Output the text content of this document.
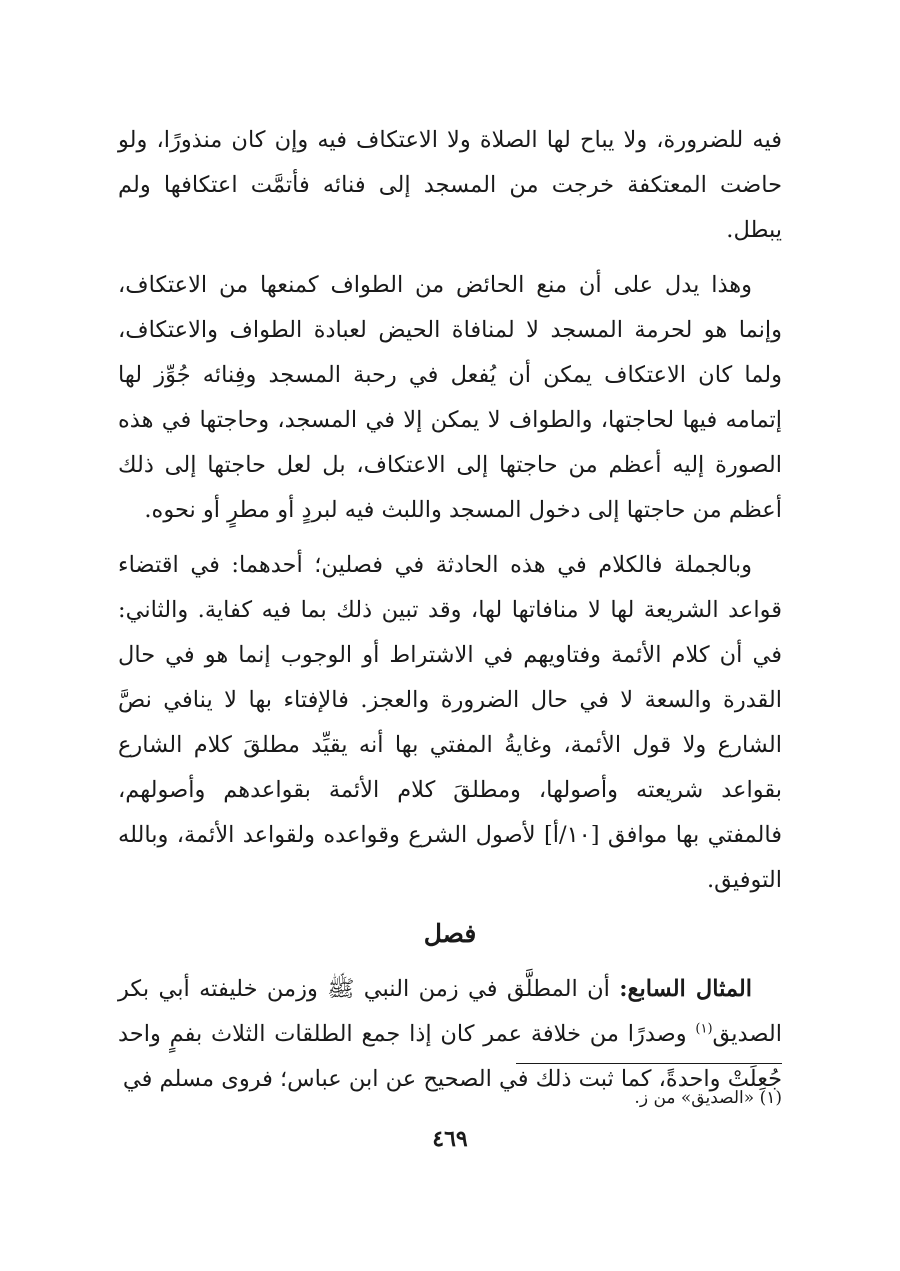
فيه للضرورة، ولا يباح لها الصلاة ولا الاعتكاف فيه وإن كان منذورًا، ولو حاضت المعتكفة خرجت من المسجد إلى فنائه فأتمَّت اعتكافها ولم يبطل.

وهذا يدل على أن منع الحائض من الطواف كمنعها من الاعتكاف، وإنما هو لحرمة المسجد لا لمنافاة الحيض لعبادة الطواف والاعتكاف، ولما كان الاعتكاف يمكن أن يُفعل في رحبة المسجد وفِنائه جُوِّز لها إتمامه فيها لحاجتها، والطواف لا يمكن إلا في المسجد، وحاجتها في هذه الصورة إليه أعظم من حاجتها إلى الاعتكاف، بل لعل حاجتها إلى ذلك أعظم من حاجتها إلى دخول المسجد واللبث فيه لبردٍ أو مطرٍ أو نحوه.

وبالجملة فالكلام في هذه الحادثة في فصلين؛ أحدهما: في اقتضاء قواعد الشريعة لها لا منافاتها لها، وقد تبين ذلك بما فيه كفاية. والثاني: في أن كلام الأئمة وفتاويهم في الاشتراط أو الوجوب إنما هو في حال القدرة والسعة لا في حال الضرورة والعجز. فالإفتاء بها لا ينافي نصَّ الشارع ولا قول الأئمة، وغايةُ المفتي بها أنه يقيِّد مطلقَ كلام الشارع بقواعد شريعته وأصولها، ومطلقَ كلام الأئمة بقواعدهم وأصولهم، فالمفتي بها موافق [١٠/أ] لأصول الشرع وقواعده ولقواعد الأئمة، وبالله التوفيق.

فصل

المثال السابع: أن المطلَّق في زمن النبي ﷺ وزمن خليفته أبي بكر الصديق$^{(١)}$ وصدرًا من خلافة عمر كان إذا جمع الطلقات الثلاث بفمٍ واحد جُعِلَتْ واحدةً، كما ثبت ذلك في الصحيح عن ابن عباس؛ فروى مسلم في

(١) «الصديق» من ز.
٤٦٩
